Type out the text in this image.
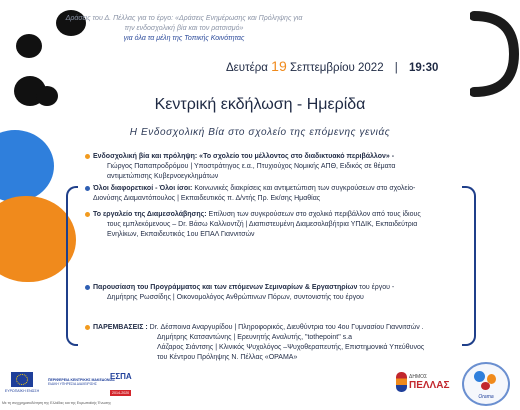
Δράσεις του Δ. Πέλλας για το έργο: «Δράσεις Ενημέρωσης και Πρόληψης για
την ενδοσχολική βία και τον ρατσισμό»
για όλα τα μέλη της Τοπικής Κοινότητας
Δευτέρα 19 Σεπτεμβρίου 2022 | 19:30
Κεντρική εκδήλωση - Ημερίδα
Η Ενδοσχολική Βία στο σχολείο της επόμενης γενιάς
Ενδοσχολική βία και πρόληψη: «Το σχολείο του μέλλοντος στο διαδικτυακό περιβάλλον» -
Γιώργος Παπαπροδρόμου | Υποστράτηγος ε.α., Πτυχιούχος Νομικής ΑΠΘ, Ειδικός σε θέματα
αντιμετώπισης Κυβερνοεγκλημάτων
Όλοι διαφορετικοί - Όλοι ίσοι: Κοινωνικές διακρίσεις και αντιμετώπιση των συγκρούσεων στο σχολείο-
Διονύσης Διαμαντόπουλος | Εκπαιδευτικός π. Δ/ντής Πρ. Εκ/σης Ημαθίας
Το εργαλείο της Διαμεσολάβησης: Επίλυση των συγκρούσεων στο σχολικό περιβάλλον από τους ίδιους
τους εμπλεκόμενους – Dr. Βάσω Καλλιοντζή | Διαπιστευμένη Διαμεσολαβήτρια ΥΠΔΙΚ, Εκπαιδεύτρια
Ενηλίκων, Εκπαιδευτικός 1ου ΕΠΑΛ Γιαννιτσών
Παρουσίαση του Προγράμματος και των επόμενων Σεμιναρίων & Εργαστηρίων του έργου -
Δημήτρης Ρωσσίδης | Οικονομολόγος Ανθρώπινων Πόρων, συντονιστής του έργου
ΠΑΡΕΜΒΑΣΕΙΣ : Dr. Δέσποινα Αναργυρίδου | Πληροφορικός, Διευθύντρια του 4ου Γυμνασίου Γιαννιτσών .
Δημήτρης Κατσαντώνης | Ερευνητής Αναλυτής, "tothepoint" s.a
Λάζαρος Σιάντσης | Κλινικός Ψυχολόγος –Ψυχοθεραπευτής, Επιστημονικά Υπεύθυνος
του Κέντρου Πρόληψης Ν. Πέλλας «ΟΡΑΜΑ»
ΕΥΡΩΠΑΪΚΗ ΕΝΩΣΗ
ΠΕΡΙΦΕΡΕΙΑ ΚΕΝΤΡΙΚΗΣ ΜΑΚΕΔΟΝΙΑΣ
ΕΙΔΙΚΗ ΥΠΗΡΕΣΙΑ ΔΙΑΧΕΙΡΙΣΗΣ
ΕΣΠΑ
2014-2020
Με τη συγχρηματοδότηση της Ελλάδας και της Ευρωπαϊκής Ένωσης
ΔΗΜΟΣ
ΠΕΛΛΑΣ
Orama
